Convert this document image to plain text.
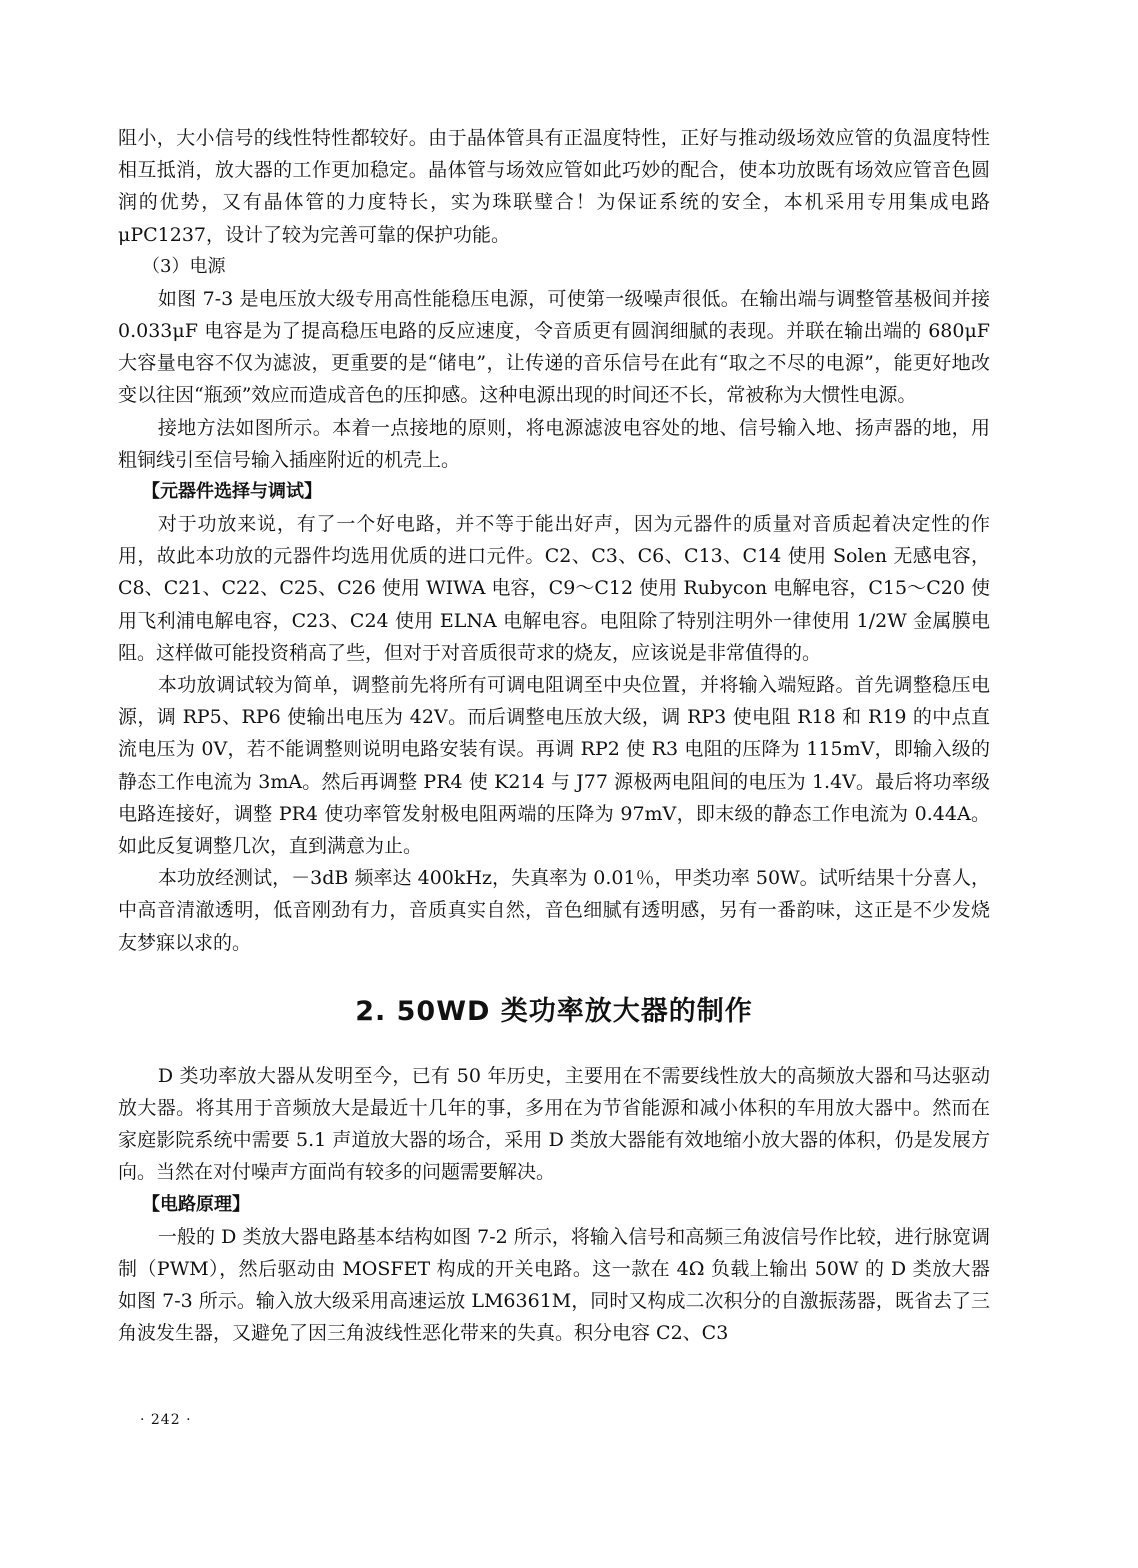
阻小，大小信号的线性特性都较好。由于晶体管具有正温度特性，正好与推动级场效应管的负温度特性相互抵消，放大器的工作更加稳定。晶体管与场效应管如此巧妙的配合，使本功放既有场效应管音色圆润的优势，又有晶体管的力度特长，实为珠联璧合！为保证系统的安全，本机采用专用集成电路 μPC1237，设计了较为完善可靠的保护功能。

（3）电源

如图 7-3 是电压放大级专用高性能稳压电源，可使第一级噪声很低。在输出端与调整管基极间并接 0.033μF 电容是为了提高稳压电路的反应速度，令音质更有圆润细腻的表现。并联在输出端的 680μF 大容量电容不仅为滤波，更重要的是“储电”，让传递的音乐信号在此有“取之不尽的电源”，能更好地改变以往因“瓶颈”效应而造成音色的压抑感。这种电源出现的时间还不长，常被称为大惯性电源。

接地方法如图所示。本着一点接地的原则，将电源滤波电容处的地、信号输入地、扬声器的地，用粗铜线引至信号输入插座附近的机壳上。

【元器件选择与调试】

对于功放来说，有了一个好电路，并不等于能出好声，因为元器件的质量对音质起着决定性的作用，故此本功放的元器件均选用优质的进口元件。C2、C3、C6、C13、C14 使用 Solen 无感电容，C8、C21、C22、C25、C26 使用 WIWA 电容，C9～C12 使用 Rubycon 电解电容，C15～C20 使用飞利浦电解电容，C23、C24 使用 ELNA 电解电容。电阻除了特别注明外一律使用 1/2W 金属膜电阻。这样做可能投资稍高了些，但对于对音质很苛求的烧友，应该说是非常值得的。

本功放调试较为简单，调整前先将所有可调电阻调至中央位置，并将输入端短路。首先调整稳压电源，调 RP5、RP6 使输出电压为 42V。而后调整电压放大级，调 RP3 使电阻 R18 和 R19 的中点直流电压为 0V，若不能调整则说明电路安装有误。再调 RP2 使 R3 电阻的压降为 115mV，即输入级的静态工作电流为 3mA。然后再调整 PR4 使 K214 与 J77 源极两电阻间的电压为 1.4V。最后将功率级电路连接好，调整 PR4 使功率管发射极电阻两端的压降为 97mV，即末级的静态工作电流为 0.44A。如此反复调整几次，直到满意为止。

本功放经测试，－3dB 频率达 400kHz，失真率为 0.01％，甲类功率 50W。试听结果十分喜人，中高音清澈透明，低音刚劲有力，音质真实自然，音色细腻有透明感，另有一番韵味，这正是不少发烧友梦寐以求的。

2. 50WD 类功率放大器的制作

D 类功率放大器从发明至今，已有 50 年历史，主要用在不需要线性放大的高频放大器和马达驱动放大器。将其用于音频放大是最近十几年的事，多用在为节省能源和减小体积的车用放大器中。然而在家庭影院系统中需要 5.1 声道放大器的场合，采用 D 类放大器能有效地缩小放大器的体积，仍是发展方向。当然在对付噪声方面尚有较多的问题需要解决。

【电路原理】

一般的 D 类放大器电路基本结构如图 7-2 所示，将输入信号和高频三角波信号作比较，进行脉宽调制（PWM），然后驱动由 MOSFET 构成的开关电路。这一款在 4Ω 负载上输出 50W 的 D 类放大器如图 7-3 所示。输入放大级采用高速运放 LM6361M，同时又构成二次积分的自激振荡器，既省去了三角波发生器，又避免了因三角波线性恶化带来的失真。积分电容 C2、C3

· 242 ·
